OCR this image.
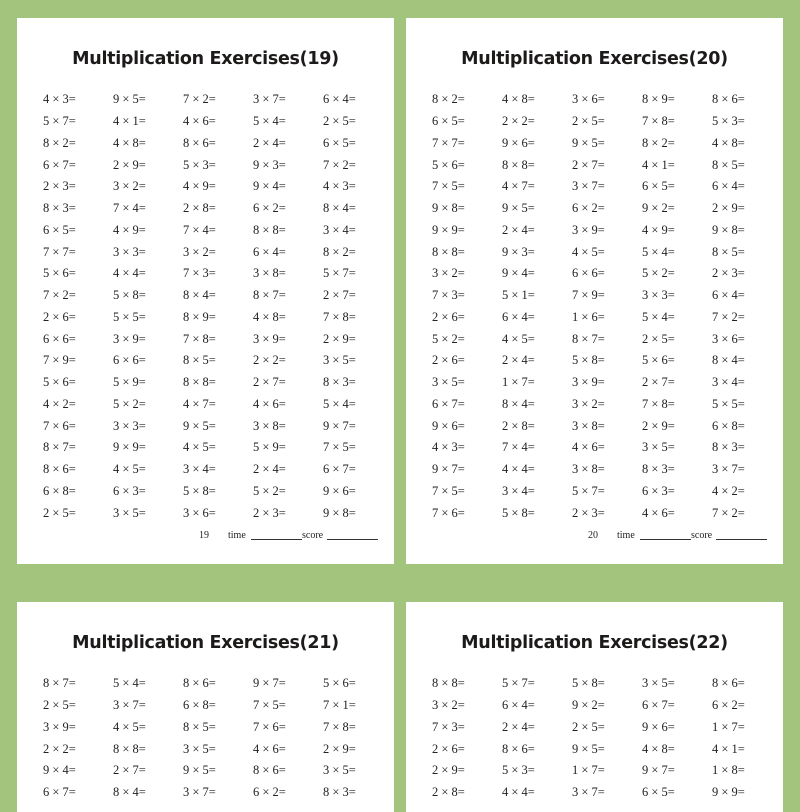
Multiplication Exercises(19)
4 × 3=	9 × 5=	7 × 2=	3 × 7=	6 × 4=
5 × 7=	4 × 1=	4 × 6=	5 × 4=	2 × 5=
8 × 2=	4 × 8=	8 × 6=	2 × 4=	6 × 5=
6 × 7=	2 × 9=	5 × 3=	9 × 3=	7 × 2=
2 × 3=	3 × 2=	4 × 9=	9 × 4=	4 × 3=
8 × 3=	7 × 4=	2 × 8=	6 × 2=	8 × 4=
6 × 5=	4 × 9=	7 × 4=	8 × 8=	3 × 4=
7 × 7=	3 × 3=	3 × 2=	6 × 4=	8 × 2=
5 × 6=	4 × 4=	7 × 3=	3 × 8=	5 × 7=
7 × 2=	5 × 8=	8 × 4=	8 × 7=	2 × 7=
2 × 6=	5 × 5=	8 × 9=	4 × 8=	7 × 8=
6 × 6=	3 × 9=	7 × 8=	3 × 9=	2 × 9=
7 × 9=	6 × 6=	8 × 5=	2 × 2=	3 × 5=
5 × 6=	5 × 9=	8 × 8=	2 × 7=	8 × 3=
4 × 2=	5 × 2=	4 × 7=	4 × 6=	5 × 4=
7 × 6=	3 × 3=	9 × 5=	3 × 8=	9 × 7=
8 × 7=	9 × 9=	4 × 5=	5 × 9=	7 × 5=
8 × 6=	4 × 5=	3 × 4=	2 × 4=	6 × 7=
6 × 8=	6 × 3=	5 × 8=	5 × 2=	9 × 6=
2 × 5=	3 × 5=	3 × 6=	2 × 3=	9 × 8=
19 time	score
Multiplication Exercises(20)
8 × 2=	4 × 8=	3 × 6=	8 × 9=	8 × 6=
6 × 5=	2 × 2=	2 × 5=	7 × 8=	5 × 3=
7 × 7=	9 × 6=	9 × 5=	8 × 2=	4 × 8=
5 × 6=	8 × 8=	2 × 7=	4 × 1=	8 × 5=
7 × 5=	4 × 7=	3 × 7=	6 × 5=	6 × 4=
9 × 8=	9 × 5=	6 × 2=	9 × 2=	2 × 9=
9 × 9=	2 × 4=	3 × 9=	4 × 9=	9 × 8=
8 × 8=	9 × 3=	4 × 5=	5 × 4=	8 × 5=
3 × 2=	9 × 4=	6 × 6=	5 × 2=	2 × 3=
7 × 3=	5 × 1=	7 × 9=	3 × 3=	6 × 4=
2 × 6=	6 × 4=	1 × 6=	5 × 4=	7 × 2=
5 × 2=	4 × 5=	8 × 7=	2 × 5=	3 × 6=
2 × 6=	2 × 4=	5 × 8=	5 × 6=	8 × 4=
3 × 5=	1 × 7=	3 × 9=	2 × 7=	3 × 4=
6 × 7=	8 × 4=	3 × 2=	7 × 8=	5 × 5=
9 × 6=	2 × 8=	3 × 8=	2 × 9=	6 × 8=
4 × 3=	7 × 4=	4 × 6=	3 × 5=	8 × 3=
9 × 7=	4 × 4=	3 × 8=	8 × 3=	3 × 7=
7 × 5=	3 × 4=	5 × 7=	6 × 3=	4 × 2=
7 × 6=	5 × 8=	2 × 3=	4 × 6=	7 × 2=
20 time	score
Multiplication Exercises(21)
8 × 7=	5 × 4=	8 × 6=	9 × 7=	5 × 6=
2 × 5=	3 × 7=	6 × 8=	7 × 5=	7 × 1=
3 × 9=	4 × 5=	8 × 5=	7 × 6=	7 × 8=
2 × 2=	8 × 8=	3 × 5=	4 × 6=	2 × 9=
9 × 4=	2 × 7=	9 × 5=	8 × 6=	3 × 5=
6 × 7=	8 × 4=	3 × 7=	6 × 2=	8 × 3=
Multiplication Exercises(22)
8 × 8=	5 × 7=	5 × 8=	3 × 5=	8 × 6=
3 × 2=	6 × 4=	9 × 2=	6 × 7=	6 × 2=
7 × 3=	2 × 4=	2 × 5=	9 × 6=	1 × 7=
2 × 6=	8 × 6=	9 × 5=	4 × 8=	4 × 1=
2 × 9=	5 × 3=	1 × 7=	9 × 7=	1 × 8=
2 × 8=	4 × 4=	3 × 7=	6 × 5=	9 × 9=
